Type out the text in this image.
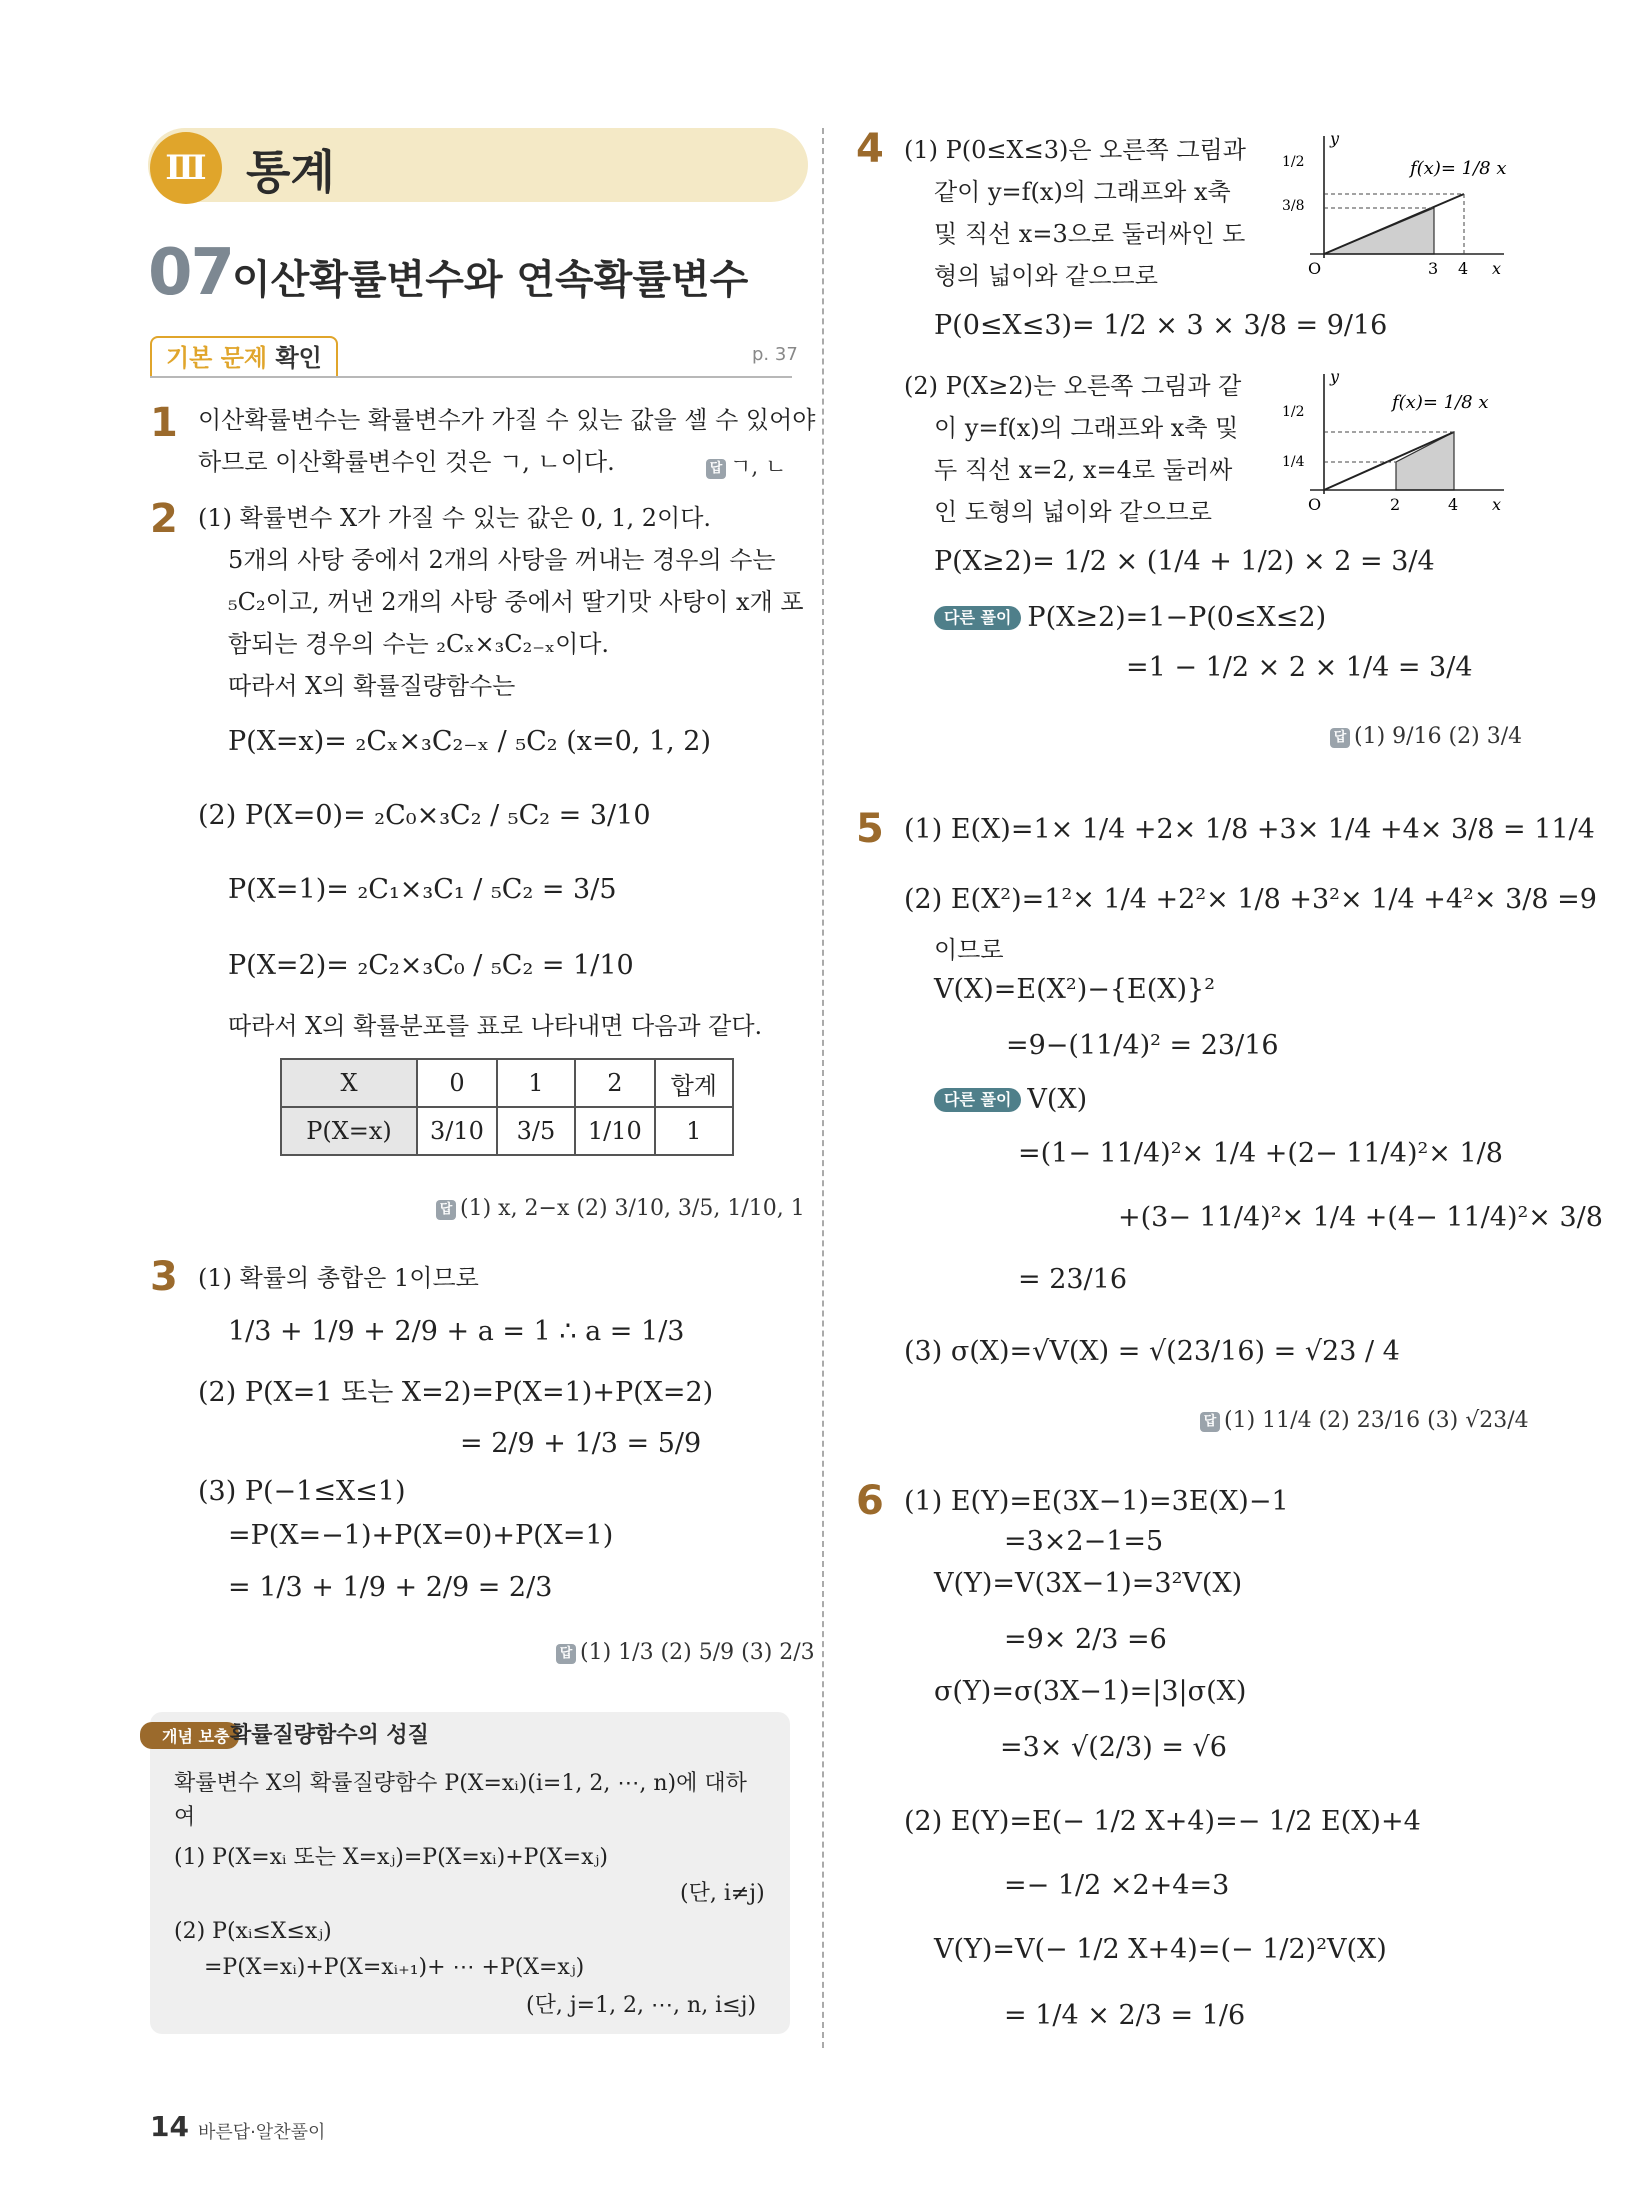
Ⅲ 통계
07
이산확률변수와 연속확률변수
기본 문제 확인	p. 37
1 이산확률변수는 확률변수가 가질 수 있는 값을 셀 수 있어야
하므로 이산확률변수인 것은 ㄱ, ㄴ이다.	답 ㄱ, ㄴ
2 (1) 확률변수 X가 가질 수 있는 값은 0, 1, 2이다.
5개의 사탕 중에서 2개의 사탕을 꺼내는 경우의 수는
₅C₂이고, 꺼낸 2개의 사탕 중에서 딸기맛 사탕이 x개 포
함되는 경우의 수는 ₂Cₓ×₃C₂₋ₓ이다.
따라서 X의 확률질량함수는
P(X=x)= ₂Cₓ×₃C₂₋ₓ / ₅C₂ (x=0, 1, 2)
(2) P(X=0)= ₂C₀×₃C₂ / ₅C₂ = 3/10
P(X=1)= ₂C₁×₃C₁ / ₅C₂ = 3/5
P(X=2)= ₂C₂×₃C₀ / ₅C₂ = 1/10
따라서 X의 확률분포를 표로 나타내면 다음과 같다.
X	0	1	2	합계
P(X=x)	3/10	3/5	1/10	1
답 (1) x, 2−x (2) 3/10, 3/5, 1/10, 1
3 (1) 확률의 총합은 1이므로
1/3 + 1/9 + 2/9 + a = 1 ∴ a = 1/3
(2) P(X=1 또는 X=2)=P(X=1)+P(X=2)
= 2/9 + 1/3 = 5/9
(3) P(−1≤X≤1)
=P(X=−1)+P(X=0)+P(X=1)
= 1/3 + 1/9 + 2/9 = 2/3
답 (1) 1/3 (2) 5/9 (3) 2/3
개념 보충 확률질량함수의 성질
확률변수 X의 확률질량함수 P(X=xᵢ)(i=1, 2, ⋯, n)에 대하
여
(1) P(X=xᵢ 또는 X=xⱼ)=P(X=xᵢ)+P(X=xⱼ)
(단, i≠j)
(2) P(xᵢ≤X≤xⱼ)
=P(X=xᵢ)+P(X=xᵢ₊₁)+ ⋯ +P(X=xⱼ)
(단, j=1, 2, ⋯, n, i≤j)
4 (1) P(0≤X≤3)은 오른쪽 그림과
같이 y=f(x)의 그래프와 x축
및 직선 x=3으로 둘러싸인 도
형의 넓이와 같으므로
f(x)= 1/8 x
1/2
3/8
O	3 4 x
y
P(0≤X≤3)= 1/2 × 3 × 3/8 = 9/16
(2) P(X≥2)는 오른쪽 그림과 같
이 y=f(x)의 그래프와 x축 및
두 직선 x=2, x=4로 둘러싸
인 도형의 넓이와 같으므로
f(x)= 1/8 x
1/2
1/4
O	2	4 x
y
P(X≥2)= 1/2 × (1/4 + 1/2) × 2 = 3/4
다른 풀이 P(X≥2)=1−P(0≤X≤2)
=1 − 1/2 × 2 × 1/4 = 3/4
답 (1) 9/16 (2) 3/4
5 (1) E(X)=1× 1/4 +2× 1/8 +3× 1/4 +4× 3/8 = 11/4
(2) E(X²)=1²× 1/4 +2²× 1/8 +3²× 1/4 +4²× 3/8 =9
이므로
V(X)=E(X²)−{E(X)}²
=9−(11/4)² = 23/16
다른 풀이 V(X)
=(1− 11/4)²× 1/4 +(2− 11/4)²× 1/8
+(3− 11/4)²× 1/4 +(4− 11/4)²× 3/8
= 23/16
(3) σ(X)=√V(X) = √(23/16) = √23 / 4
답 (1) 11/4 (2) 23/16 (3) √23/4
6 (1) E(Y)=E(3X−1)=3E(X)−1
=3×2−1=5
V(Y)=V(3X−1)=3²V(X)
=9× 2/3 =6
σ(Y)=σ(3X−1)=|3|σ(X)
=3× √(2/3) = √6
(2) E(Y)=E(− 1/2 X+4)=− 1/2 E(X)+4
=− 1/2 ×2+4=3
V(Y)=V(− 1/2 X+4)=(− 1/2)²V(X)
= 1/4 × 2/3 = 1/6
14 바른답·알찬풀이
